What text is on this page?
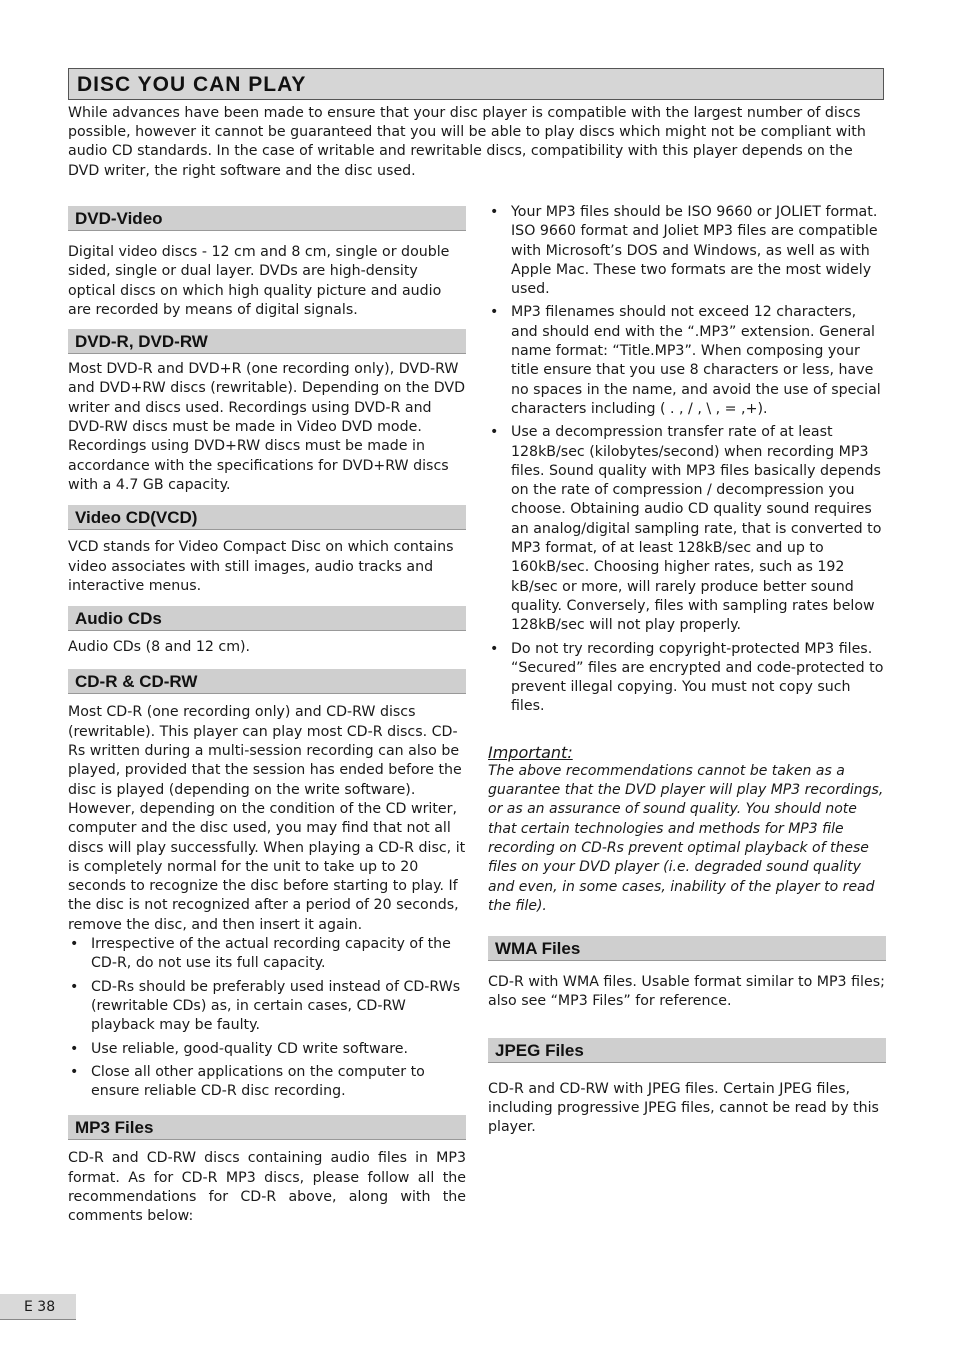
DISC YOU CAN PLAY

While advances have been made to ensure that your disc player is compatible with the largest number of discs possible, however it cannot be guaranteed that you will be able to play discs which might not be compliant with audio CD standards. In the case of writable and rewritable discs, compatibility with this player depends on the DVD writer, the right software and the disc used.

DVD-Video

Digital video discs - 12 cm and 8 cm, single or double sided, single or dual layer. DVDs are high-density optical discs on which high quality picture and audio are recorded by means of digital signals.

DVD-R, DVD-RW

Most DVD-R and DVD+R (one recording only), DVD-RW and DVD+RW discs (rewritable). Depending on the DVD writer and discs used. Recordings using DVD-R and DVD-RW discs must be made in Video DVD mode. Recordings using DVD+RW discs must be made in accordance with the specifications for DVD+RW discs with a 4.7 GB capacity.

Video CD(VCD)

VCD stands for Video Compact Disc on which contains video associates with still images, audio tracks and interactive menus.

Audio CDs

Audio CDs (8 and 12 cm).

CD-R & CD-RW

Most CD-R (one recording only) and CD-RW discs (rewritable). This player can play most CD-R discs. CD-Rs written during a multi-session recording can also be played, provided that the session has ended before the disc is played (depending on the write software). However, depending on the condition of the CD writer, computer and the disc used, you may find that not all discs will play successfully. When playing a CD-R disc, it is completely normal for the unit to take up to 20 seconds to recognize the disc before starting to play. If the disc is not recognized after a period of 20 seconds, remove the disc, and then insert it again.

• Irrespective of the actual recording capacity of the CD-R, do not use its full capacity.
• CD-Rs should be preferably used instead of CD-RWs (rewritable CDs) as, in certain cases, CD-RW playback may be faulty.
• Use reliable, good-quality CD write software.
• Close all other applications on the computer to ensure reliable CD-R disc recording.
MP3 Files

CD-R and CD-RW discs containing audio files in MP3 format. As for CD-R MP3 discs, please follow all the recommendations for CD-R above, along with the comments below:

• Your MP3 files should be ISO 9660 or JOLIET format. ISO 9660 format and Joliet MP3 files are compatible with Microsoft’s DOS and Windows, as well as with Apple Mac. These two formats are the most widely used.
• MP3 filenames should not exceed 12 characters, and should end with the “.MP3” extension. General name format: “Title.MP3”. When composing your title ensure that you use 8 characters or less, have no spaces in the name, and avoid the use of special characters including ( . , / , \ , = ,+).
• Use a decompression transfer rate of at least 128kB/sec (kilobytes/second) when recording MP3 files. Sound quality with MP3 files basically depends on the rate of compression / decompression you choose. Obtaining audio CD quality sound requires an analog/digital sampling rate, that is converted to MP3 format, of at least 128kB/sec and up to 160kB/sec. Choosing higher rates, such as 192 kB/sec or more, will rarely produce better sound quality. Conversely, files with sampling rates below 128kB/sec will not play properly.
• Do not try recording copyright-protected MP3 files.
“Secured” files are encrypted and code-protected to prevent illegal copying. You must not copy such files.

Important:

The above recommendations cannot be taken as a guarantee that the DVD player will play MP3 recordings, or as an assurance of sound quality. You should note that certain technologies and methods for MP3 file recording on CD-Rs prevent optimal playback of these files on your DVD player (i.e. degraded sound quality and even, in some cases, inability of the player to read the file).

WMA Files

CD-R with WMA files. Usable format similar to MP3 files; also see “MP3 Files” for reference.

JPEG Files

CD-R and CD-RW with JPEG files. Certain JPEG files, including progressive JPEG files, cannot be read by this player.

E 38
